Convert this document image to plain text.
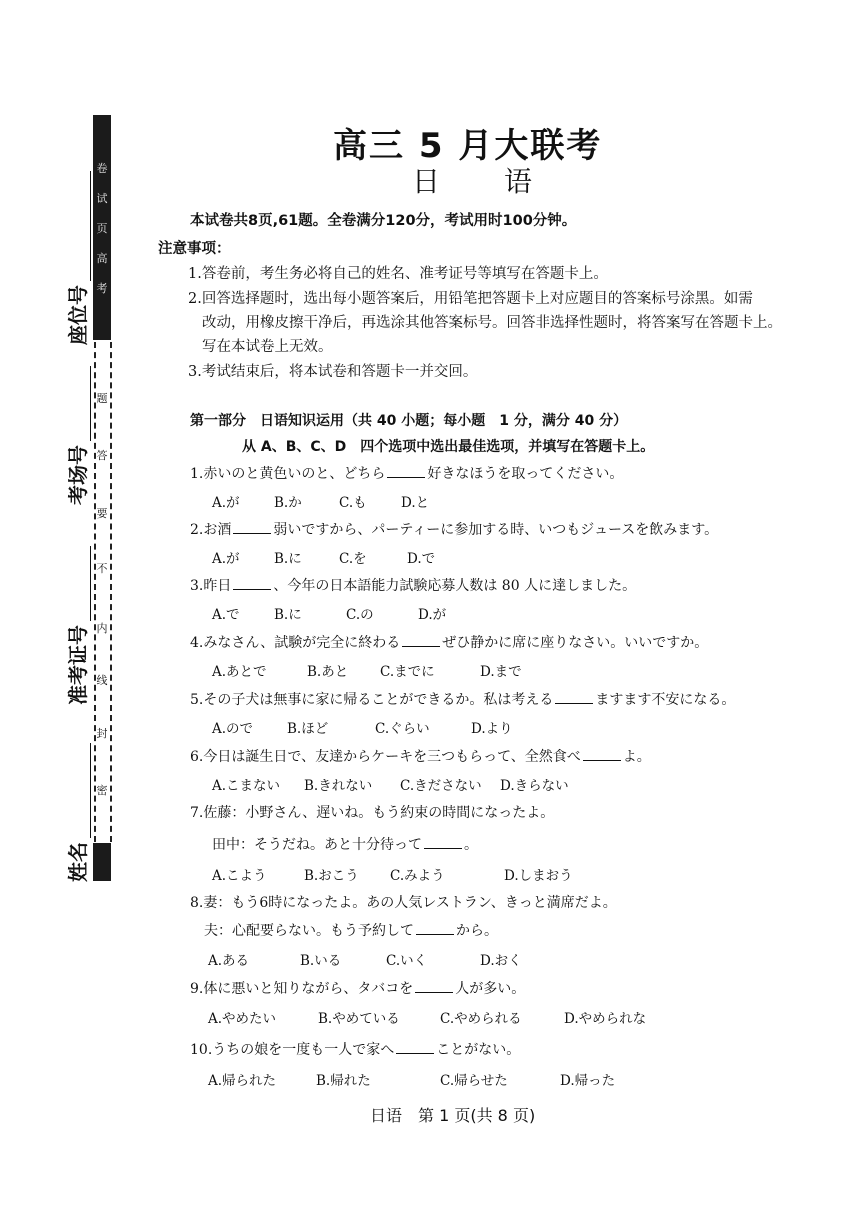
卷
试
页
高
考
题
答
要
不
内
线
封
密
座位号
考场号
准考证号
姓名
高三 5 月大联考
日　语
本试卷共8页,61题。全卷满分120分，考试用时100分钟。
注意事项：
1.答卷前，考生务必将自己的姓名、准考证号等填写在答题卡上。
2.回答选择题时，选出每小题答案后，用铅笔把答题卡上对应题目的答案标号涂黑。如需
改动，用橡皮擦干净后，再选涂其他答案标号。回答非选择性题时，将答案写在答题卡上。
写在本试卷上无效。
3.考试结束后，将本试卷和答题卡一并交回。
第一部分　日语知识运用（共 40 小题；每小题　1 分，满分 40 分）
从 A、B、C、D　四个选项中选出最佳选项，并填写在答题卡上。
1.赤いのと黄色いのと、どちら	好きなほうを取ってください。
A.が	B.か	C.も	D.と
2.お酒	弱いですから、パーティーに参加する時、いつもジュースを飲みます。
A.が	B.に	C.を	D.で
3.昨日	、今年の日本語能力試験応募人数は 80 人に達しました。
A.で	B.に	C.の	D.が
4.みなさん、試験が完全に終わる	ぜひ静かに席に座りなさい。いいですか。
A.あとで	B.あと C.までに	D.まで
5.その子犬は無事に家に帰ることができるか。私は考える	ますます不安になる。
A.ので	B.ほど	C.ぐらい	D.より
6.今日は誕生日で、友達からケーキを三つもらって、全然食べ	よ。
A.こまない B.きれない C.きださない D.きらない
7.佐藤：小野さん、遅いね。もう約束の時間になったよ。
田中：そうだね。あと十分待って	。
A.こよう	B.おこう C.みよう	D.しまおう
8.妻：もう6時になったよ。あの人気レストラン、きっと満席だよ。
夫：心配要らない。もう予約して	から。
A.ある	B.いる	C.いく	D.おく
9.体に悪いと知りながら、タバコを	人が多い。
A.やめたい	B.やめている	C.やめられる	D.やめられな
10.うちの娘を一度も一人で家へ	ことがない。
A.帰られた	B.帰れた	C.帰らせた	D.帰った
日语　第 1 页(共 8 页)
